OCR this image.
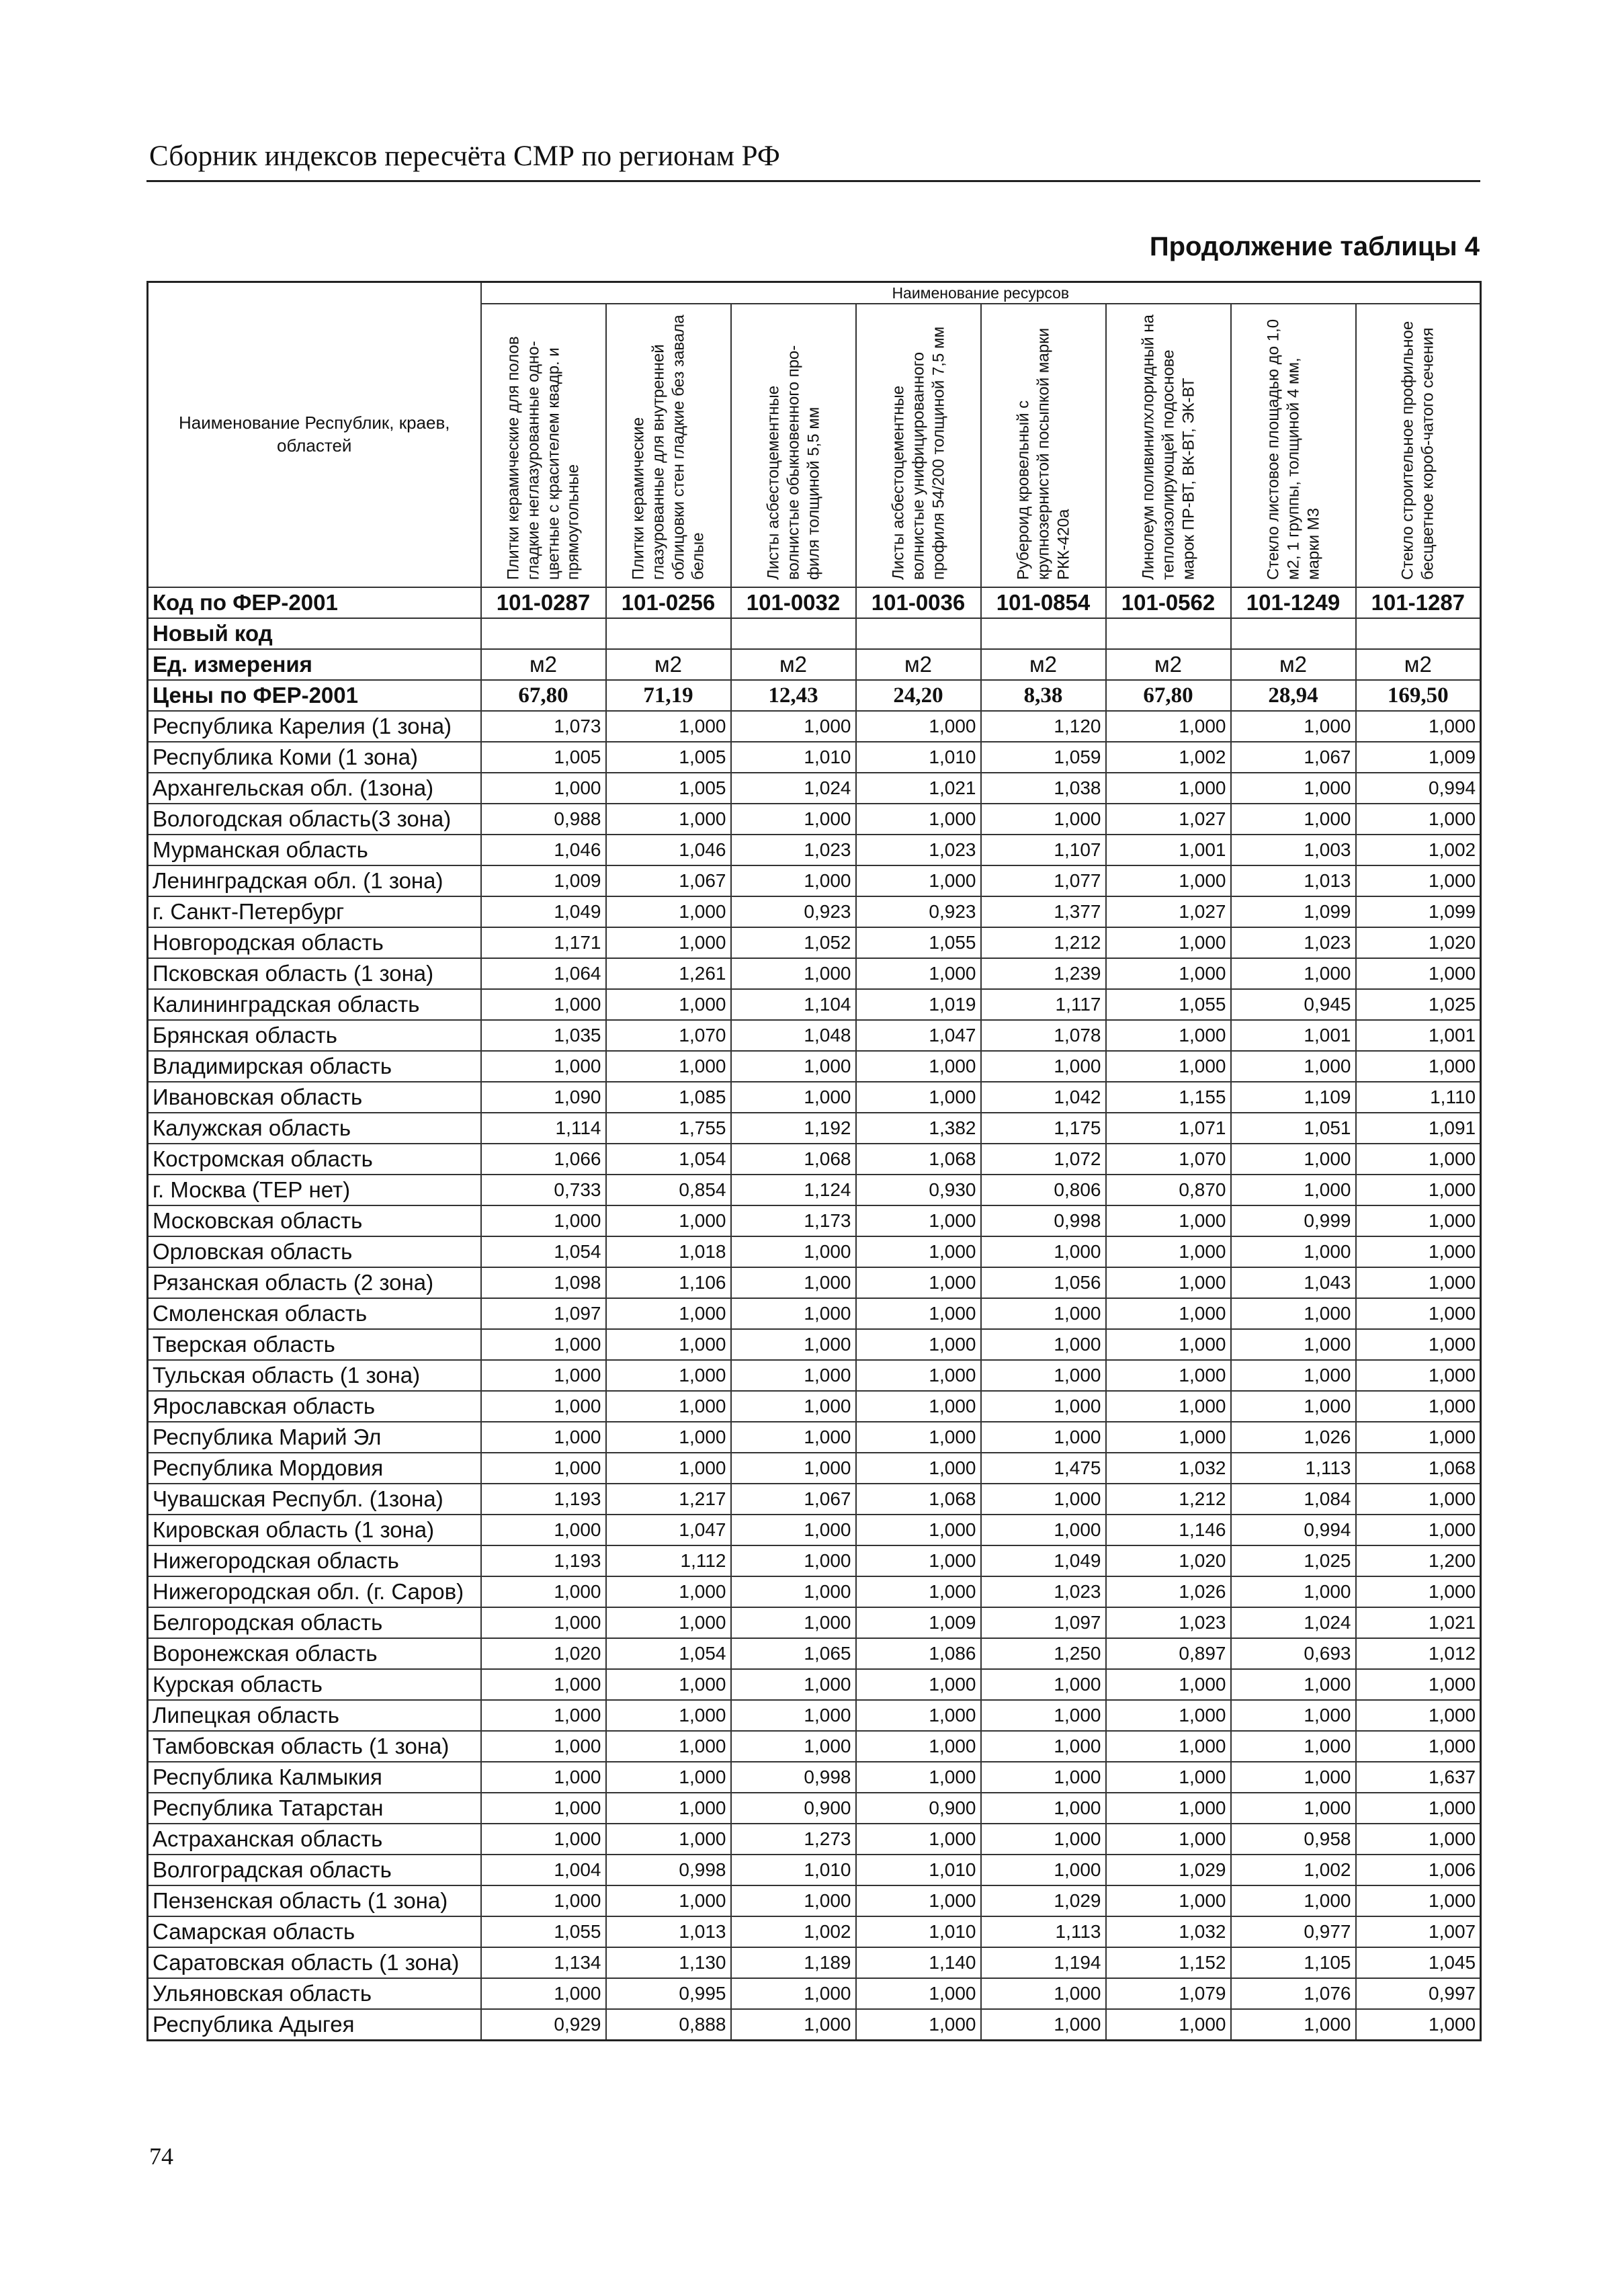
Сборник индексов пересчёта СМР по регионам РФ
Продолжение таблицы 4
Наименование Республик, краев, областей	Наименование ресурсов							

	Плитки керамические для полов гладкие неглазурованные одно-цветные с красителем квадр. и прямоугольные	Плитки керамические глазурованные для внутренней облицовки стен гладкие без завала белые	Листы асбестоцементные волнистые обыкновенного про-филя толщиной 5,5 мм	Листы асбестоцементные волнистые унифицированного профиля 54/200 толщиной 7,5 мм	Рубероид кровельный с крупнозернистой посыпкой марки РКК-420а	Линолеум поливинилхлоридный на теплоизолирующей подоснове марок ПР-ВТ, ВК-ВТ, ЭК-ВТ	Стекло листовое площадью до 1,0 м2, 1 группы, толщиной 4 мм, марки М3	Стекло строительное профильное бесцветное короб-чатого сечения

Код по ФЕР-2001	101-0287	101-0256	101-0032	101-0036	101-0854	101-0562	101-1249	101-1287
Новый код								
Ед. измерения	м2	м2	м2	м2	м2	м2	м2	м2
Цены по ФЕР-2001	67,80	71,19	12,43	24,20	8,38	67,80	28,94	169,50
Республика Карелия (1 зона)	1,073	1,000	1,000	1,000	1,120	1,000	1,000	1,000
Республика Коми (1 зона)	1,005	1,005	1,010	1,010	1,059	1,002	1,067	1,009
Архангельская обл. (1зона)	1,000	1,005	1,024	1,021	1,038	1,000	1,000	0,994
Вологодская область(3 зона)	0,988	1,000	1,000	1,000	1,000	1,027	1,000	1,000
Мурманская область	1,046	1,046	1,023	1,023	1,107	1,001	1,003	1,002
Ленинградская обл. (1 зона)	1,009	1,067	1,000	1,000	1,077	1,000	1,013	1,000
г. Санкт-Петербург	1,049	1,000	0,923	0,923	1,377	1,027	1,099	1,099
Новгородская область	1,171	1,000	1,052	1,055	1,212	1,000	1,023	1,020
Псковская область (1 зона)	1,064	1,261	1,000	1,000	1,239	1,000	1,000	1,000
Калининградская область	1,000	1,000	1,104	1,019	1,117	1,055	0,945	1,025
Брянская область	1,035	1,070	1,048	1,047	1,078	1,000	1,001	1,001
Владимирская область	1,000	1,000	1,000	1,000	1,000	1,000	1,000	1,000
Ивановская область	1,090	1,085	1,000	1,000	1,042	1,155	1,109	1,110
Калужская область	1,114	1,755	1,192	1,382	1,175	1,071	1,051	1,091
Костромская область	1,066	1,054	1,068	1,068	1,072	1,070	1,000	1,000
г. Москва (ТЕР нет)	0,733	0,854	1,124	0,930	0,806	0,870	1,000	1,000
Московская область	1,000	1,000	1,173	1,000	0,998	1,000	0,999	1,000
Орловская область	1,054	1,018	1,000	1,000	1,000	1,000	1,000	1,000
Рязанская область (2 зона)	1,098	1,106	1,000	1,000	1,056	1,000	1,043	1,000
Смоленская область	1,097	1,000	1,000	1,000	1,000	1,000	1,000	1,000
Тверская область	1,000	1,000	1,000	1,000	1,000	1,000	1,000	1,000
Тульская область (1 зона)	1,000	1,000	1,000	1,000	1,000	1,000	1,000	1,000
Ярославская область	1,000	1,000	1,000	1,000	1,000	1,000	1,000	1,000
Республика Марий Эл	1,000	1,000	1,000	1,000	1,000	1,000	1,026	1,000
Республика Мордовия	1,000	1,000	1,000	1,000	1,475	1,032	1,113	1,068
Чувашская Республ. (1зона)	1,193	1,217	1,067	1,068	1,000	1,212	1,084	1,000
Кировская область (1 зона)	1,000	1,047	1,000	1,000	1,000	1,146	0,994	1,000
Нижегородская область	1,193	1,112	1,000	1,000	1,049	1,020	1,025	1,200
Нижегородская обл. (г. Саров)	1,000	1,000	1,000	1,000	1,023	1,026	1,000	1,000
Белгородская область	1,000	1,000	1,000	1,009	1,097	1,023	1,024	1,021
Воронежская область	1,020	1,054	1,065	1,086	1,250	0,897	0,693	1,012
Курская область	1,000	1,000	1,000	1,000	1,000	1,000	1,000	1,000
Липецкая область	1,000	1,000	1,000	1,000	1,000	1,000	1,000	1,000
Тамбовская область (1 зона)	1,000	1,000	1,000	1,000	1,000	1,000	1,000	1,000
Республика Калмыкия	1,000	1,000	0,998	1,000	1,000	1,000	1,000	1,637
Республика Татарстан	1,000	1,000	0,900	0,900	1,000	1,000	1,000	1,000
Астраханская область	1,000	1,000	1,273	1,000	1,000	1,000	0,958	1,000
Волгоградская область	1,004	0,998	1,010	1,010	1,000	1,029	1,002	1,006
Пензенская область (1 зона)	1,000	1,000	1,000	1,000	1,029	1,000	1,000	1,000
Самарская область	1,055	1,013	1,002	1,010	1,113	1,032	0,977	1,007
Саратовская область (1 зона)	1,134	1,130	1,189	1,140	1,194	1,152	1,105	1,045
Ульяновская область	1,000	0,995	1,000	1,000	1,000	1,079	1,076	0,997
Республика Адыгея	0,929	0,888	1,000	1,000	1,000	1,000	1,000	1,000
74
